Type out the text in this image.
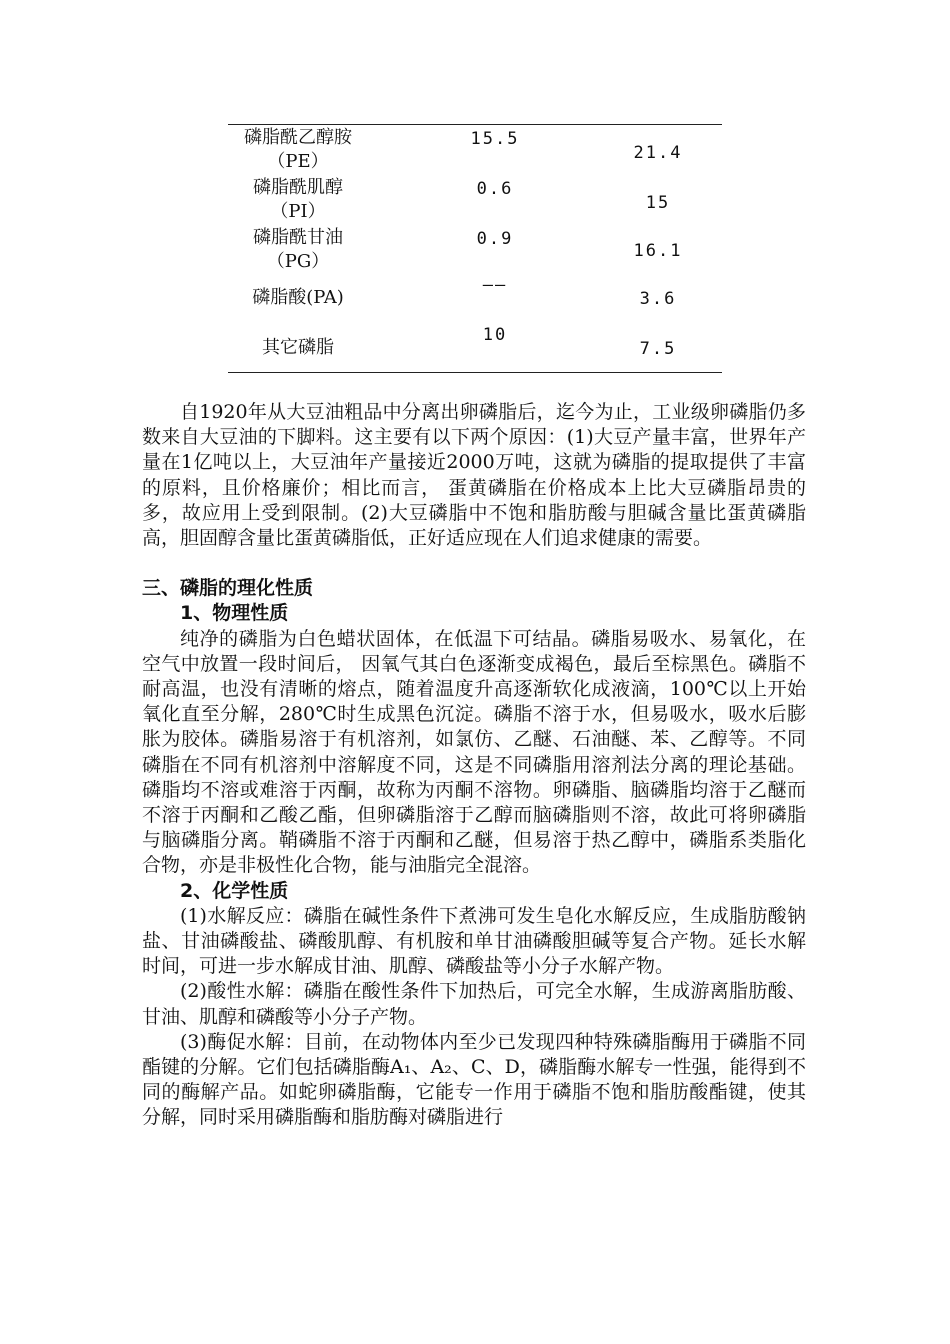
磷脂酰乙醇胺
（PE）
15.5
21.4
磷脂酰肌醇
（PI）
0.6
15
磷脂酰甘油
（PG）
0.9
16.1
磷脂酸(PA)
——
3.6
其它磷脂
10
7.5

自1920年从大豆油粗品中分离出卵磷脂后，迄今为止，工业级卵磷脂仍多数来自大豆油的下脚料。这主要有以下两个原因：(1)大豆产量丰富，世界年产量在1亿吨以上，大豆油年产量接近2000万吨，这就为磷脂的提取提供了丰富的原料，且价格廉价；相比而言， 蛋黄磷脂在价格成本上比大豆磷脂昂贵的多，故应用上受到限制。(2)大豆磷脂中不饱和脂肪酸与胆碱含量比蛋黄磷脂高，胆固醇含量比蛋黄磷脂低，正好适应现在人们追求健康的需要。

三、磷脂的理化性质

1、物理性质

纯净的磷脂为白色蜡状固体，在低温下可结晶。磷脂易吸水、易氧化，在空气中放置一段时间后， 因氧气其白色逐渐变成褐色，最后至棕黑色。磷脂不耐高温，也没有清晰的熔点，随着温度升高逐渐软化成液滴，100℃以上开始氧化直至分解，280℃时生成黑色沉淀。磷脂不溶于水，但易吸水，吸水后膨胀为胶体。磷脂易溶于有机溶剂，如氯仿、乙醚、石油醚、苯、乙醇等。不同磷脂在不同有机溶剂中溶解度不同，这是不同磷脂用溶剂法分离的理论基础。磷脂均不溶或难溶于丙酮，故称为丙酮不溶物。卵磷脂、脑磷脂均溶于乙醚而不溶于丙酮和乙酸乙酯，但卵磷脂溶于乙醇而脑磷脂则不溶，故此可将卵磷脂与脑磷脂分离。鞘磷脂不溶于丙酮和乙醚，但易溶于热乙醇中，磷脂系类脂化合物，亦是非极性化合物，能与油脂完全混溶。

2、化学性质

(1)水解反应：磷脂在碱性条件下煮沸可发生皂化水解反应，生成脂肪酸钠盐、甘油磷酸盐、磷酸肌醇、有机胺和单甘油磷酸胆碱等复合产物。延长水解时间，可进一步水解成甘油、肌醇、磷酸盐等小分子水解产物。

(2)酸性水解：磷脂在酸性条件下加热后，可完全水解，生成游离脂肪酸、甘油、肌醇和磷酸等小分子产物。

(3)酶促水解：目前，在动物体内至少已发现四种特殊磷脂酶用于磷脂不同酯键的分解。它们包括磷脂酶A₁、A₂、C、D，磷脂酶水解专一性强，能得到不同的酶解产品。如蛇卵磷脂酶，它能专一作用于磷脂不饱和脂肪酸酯键，使其分解，同时采用磷脂酶和脂肪酶对磷脂进行
